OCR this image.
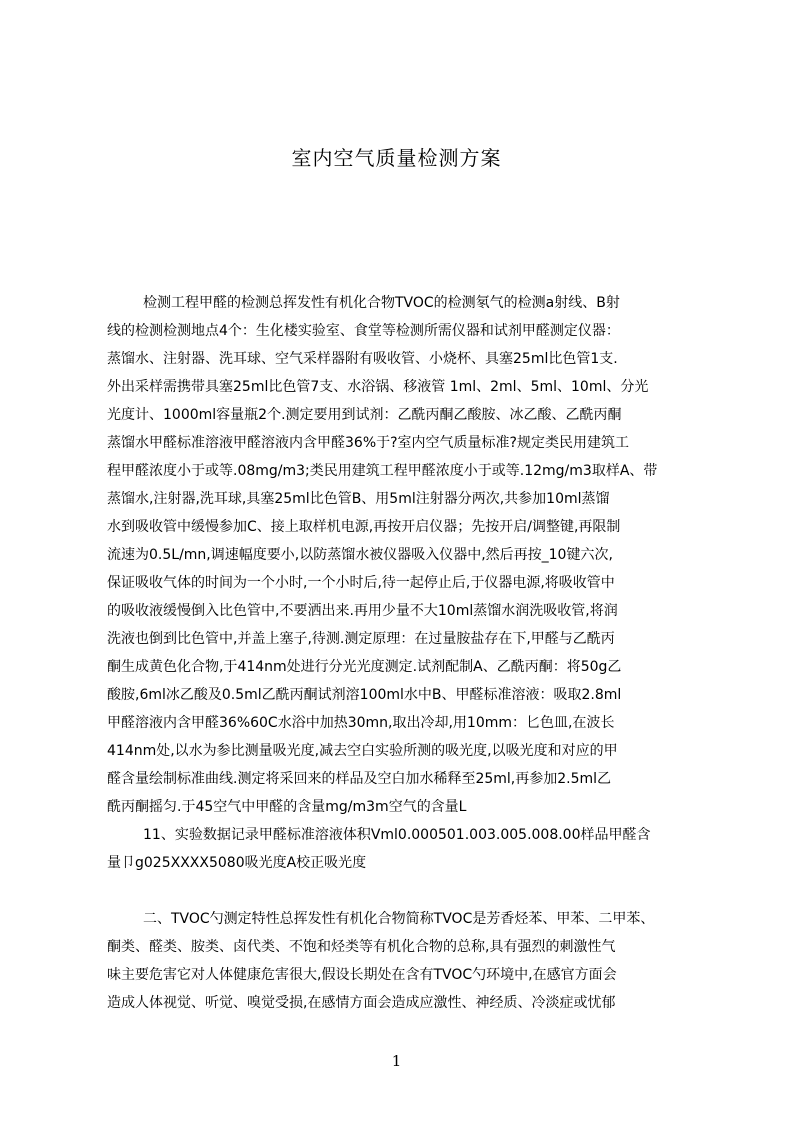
室内空气质量检测方案
检测工程甲醛的检测总挥发性有机化合物TVOC的检测氡气的检测a射线、B射
线的检测检测地点4个：生化楼实验室、食堂等检测所需仪器和试剂甲醛测定仪器：
蒸馏水、注射器、洗耳球、空气采样器附有吸收管、小烧杯、具塞25ml比色管1支.
外出采样需携带具塞25ml比色管7支、水浴锅、移液管 1ml、2ml、5ml、10ml、分光
光度计、1000ml容量瓶2个.测定要用到试剂：乙酰丙酮乙酸胺、冰乙酸、乙酰丙酮
蒸馏水甲醛标准溶液甲醛溶液内含甲醛36%于?室内空气质量标准?规定类民用建筑工
程甲醛浓度小于或等.08mg/m3;类民用建筑工程甲醛浓度小于或等.12mg/m3取样A、带
蒸馏水,注射器,洗耳球,具塞25ml比色管B、用5ml注射器分两次,共参加10ml蒸馏
水到吸收管中缓慢参加C、接上取样机电源,再按开启仪器；先按开启/调整键,再限制
流速为0.5L/mn,调速幅度要小,以防蒸馏水被仪器吸入仪器中,然后再按_10键六次,
保证吸收气体的时间为一个小时,一个小时后,待一起停止后,于仪器电源,将吸收管中
的吸收液缓慢倒入比色管中,不要洒出来.再用少量不大10ml蒸馏水润洗吸收管,将润
洗液也倒到比色管中,并盖上塞子,待测.测定原理：在过量胺盐存在下,甲醛与乙酰丙
酮生成黄色化合物,于414nm处进行分光光度测定.试剂配制A、乙酰丙酮：将50g乙
酸胺,6ml冰乙酸及0.5ml乙酰丙酮试剂溶100ml水中B、甲醛标准溶液：吸取2.8ml
甲醛溶液内含甲醛36%60C水浴中加热30mn,取出冷却,用10mm：匕色皿,在波长
414nm处,以水为参比测量吸光度,减去空白实验所测的吸光度,以吸光度和对应的甲
醛含量绘制标准曲线.测定将采回来的样品及空白加水稀释至25ml,再参加2.5ml乙
酰丙酮摇匀.于45空气中甲醛的含量mg/m3m空气的含量L
11、实验数据记录甲醛标准溶液体积Vml0.000501.003.005.008.00样品甲醛含
量卩g025XXXX5080吸光度A校正吸光度
二、TVOC勺测定特性总挥发性有机化合物简称TVOC是芳香烃苯、甲苯、二甲苯、
酮类、醛类、胺类、卤代类、不饱和烃类等有机化合物的总称,具有强烈的刺激性气
味主要危害它对人体健康危害很大,假设长期处在含有TVOC勺环境中,在感官方面会
造成人体视觉、听觉、嗅觉受损,在感情方面会造成应激性、神经质、冷淡症或忧郁
1
